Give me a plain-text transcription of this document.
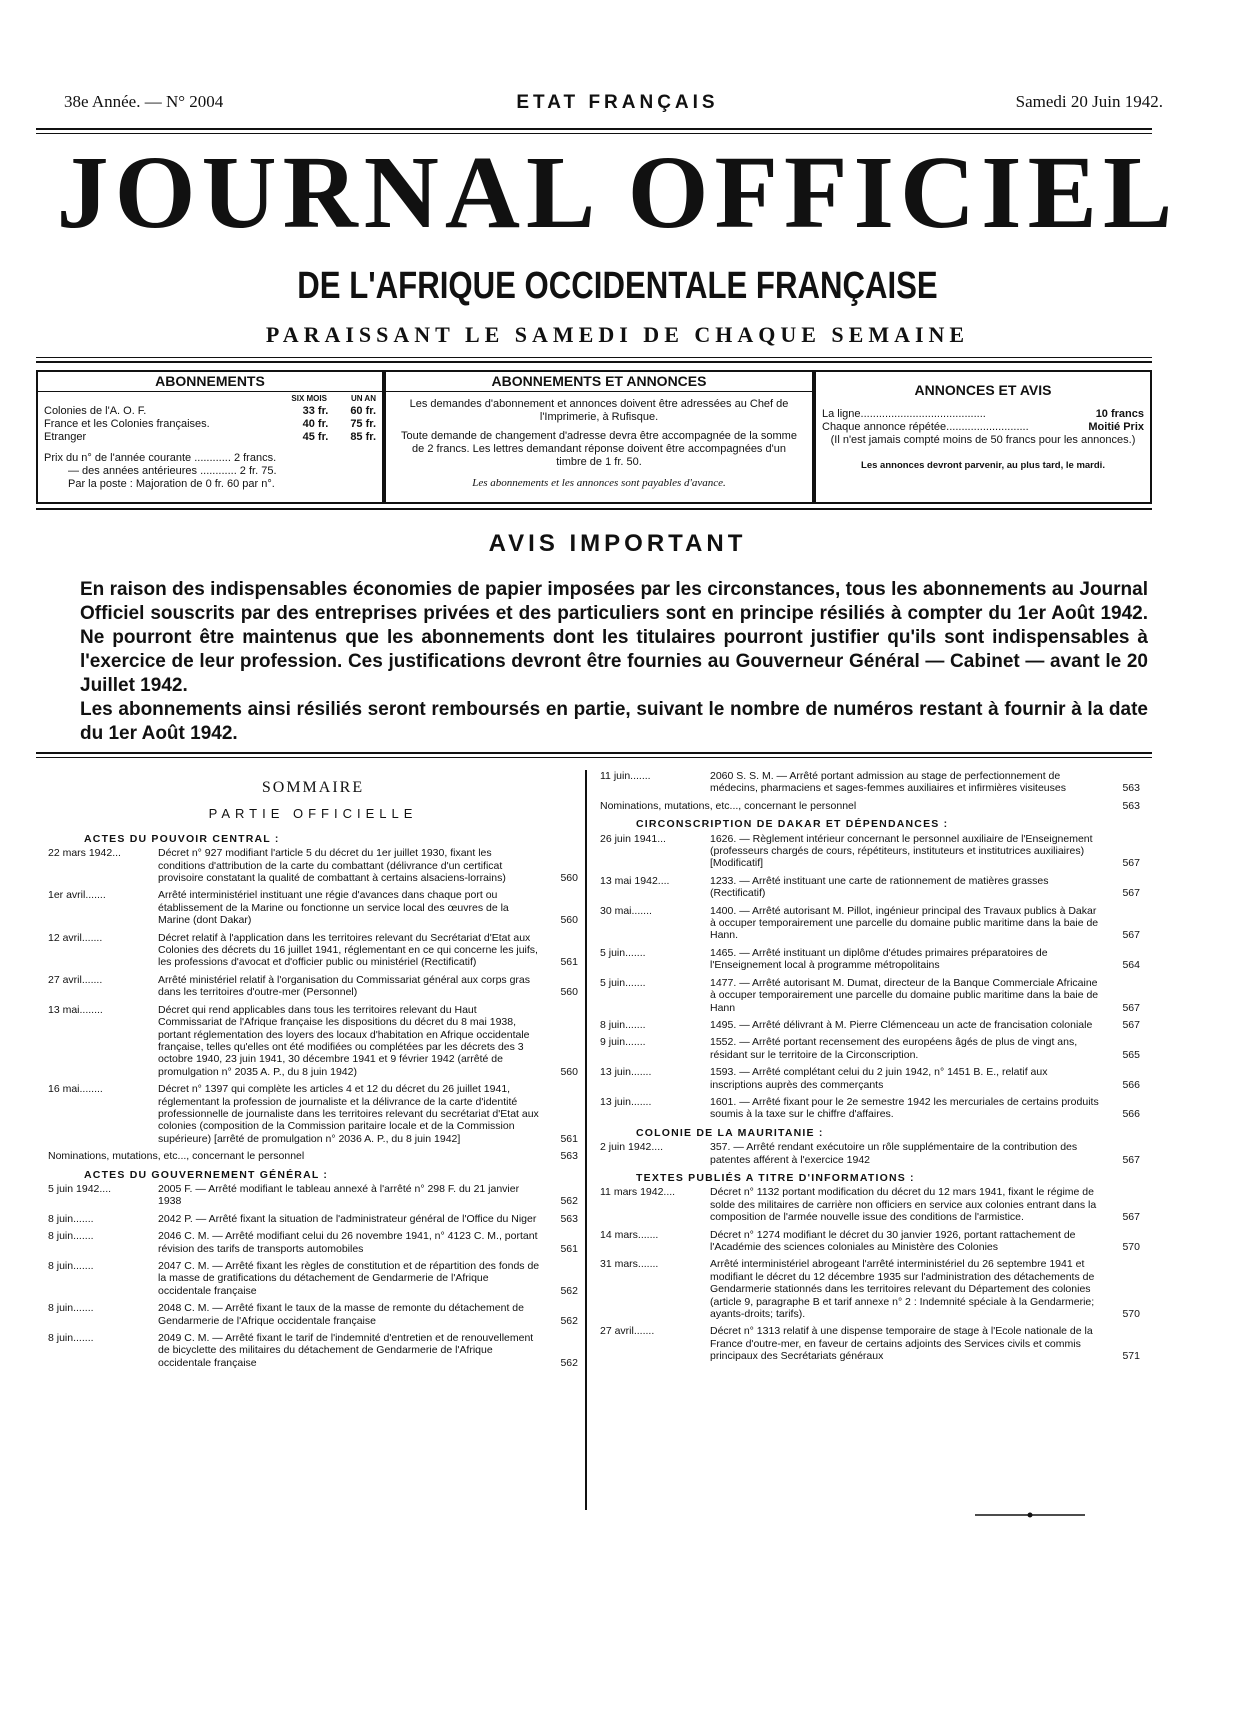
38e Année. — N° 2004	ETAT FRANÇAIS	Samedi 20 Juin 1942.
JOURNAL OFFICIEL
DE L'AFRIQUE OCCIDENTALE FRANÇAISE
PARAISSANT LE SAMEDI DE CHAQUE SEMAINE
ABONNEMENTS
SIX MOIS	UN AN
Colonies de l'A. O. F.	33 fr. 60 fr.
France et les Colonies françaises.	40 fr. 75 fr.
Etranger	45 fr. 85 fr.
Prix du n° de l'année courante ............ 2 francs.
— des années antérieures ............ 2 fr. 75.
Par la poste : Majoration de 0 fr. 60 par n°.
ABONNEMENTS ET ANNONCES
Les demandes d'abonnement et annonces doivent être adressées au Chef de l'Imprimerie, à Rufisque.
Toute demande de changement d'adresse devra être accompagnée de la somme de 2 francs. Les lettres demandant réponse doivent être accompagnées d'un timbre de 1 fr. 50.
Les abonnements et les annonces sont payables d'avance.
ANNONCES ET AVIS
La ligne.........................................	10 francs
Chaque annonce répétée...........................	Moitié Prix
(Il n'est jamais compté moins de 50 francs pour les annonces.)
Les annonces devront parvenir, au plus tard, le mardi.
AVIS IMPORTANT

En raison des indispensables économies de papier imposées par les circonstances, tous les abonnements au Journal Officiel souscrits par des entreprises privées et des particuliers sont en principe résiliés à compter du 1er Août 1942. Ne pourront être maintenus que les abonnements dont les titulaires pourront justifier qu'ils sont indispensables à l'exercice de leur profession. Ces justifications devront être fournies au Gouverneur Général — Cabinet — avant le 20 Juillet 1942.

Les abonnements ainsi résiliés seront remboursés en partie, suivant le nombre de numéros restant à fournir à la date du 1er Août 1942.

SOMMAIRE
PARTIE OFFICIELLE
ACTES DU POUVOIR CENTRAL :
22 mars 1942...	Décret n° 927 modifiant l'article 5 du décret du 1er juillet 1930, fixant les conditions d'attribution de la carte du combattant (délivrance d'un certificat provisoire constatant la qualité de combattant à certains alsaciens-lorrains)	560
1er avril.......	Arrêté interministériel instituant une régie d'avances dans chaque port ou établissement de la Marine ou fonctionne un service local des œuvres de la Marine (dont Dakar)	560
12 avril.......	Décret relatif à l'application dans les territoires relevant du Secrétariat d'Etat aux Colonies des décrets du 16 juillet 1941, réglementant en ce qui concerne les juifs, les professions d'avocat et d'officier public ou ministériel (Rectificatif)	561
27 avril.......	Arrêté ministériel relatif à l'organisation du Commissariat général aux corps gras dans les territoires d'outre-mer (Personnel)	560
13 mai........	Décret qui rend applicables dans tous les territoires relevant du Haut Commissariat de l'Afrique française les dispositions du décret du 8 mai 1938, portant réglementation des loyers des locaux d'habitation en Afrique occidentale française, telles qu'elles ont été modifiées ou complétées par les décrets des 3 octobre 1940, 23 juin 1941, 30 décembre 1941 et 9 février 1942 (arrêté de promulgation n° 2035 A. P., du 8 juin 1942)	560
16 mai........	Décret n° 1397 qui complète les articles 4 et 12 du décret du 26 juillet 1941, réglementant la profession de journaliste et la délivrance de la carte d'identité professionnelle de journaliste dans les territoires relevant du secrétariat d'Etat aux colonies (composition de la Commission paritaire locale et de la Commission supérieure) [arrêté de promulgation n° 2036 A. P., du 8 juin 1942]	561
Nominations, mutations, etc..., concernant le personnel	563
ACTES DU GOUVERNEMENT GÉNÉRAL :
5 juin 1942....	2005 F. — Arrêté modifiant le tableau annexé à l'arrêté n° 298 F. du 21 janvier 1938	562
8 juin.......	2042 P. — Arrêté fixant la situation de l'administrateur général de l'Office du Niger	563
8 juin.......	2046 C. M. — Arrêté modifiant celui du 26 novembre 1941, n° 4123 C. M., portant révision des tarifs de transports automobiles	561
8 juin.......	2047 C. M. — Arrêté fixant les règles de constitution et de répartition des fonds de la masse de gratifications du détachement de Gendarmerie de l'Afrique occidentale française	562
8 juin.......	2048 C. M. — Arrêté fixant le taux de la masse de remonte du détachement de Gendarmerie de l'Afrique occidentale française	562
8 juin.......	2049 C. M. — Arrêté fixant le tarif de l'indemnité d'entretien et de renouvellement de bicyclette des militaires du détachement de Gendarmerie de l'Afrique occidentale française	562
11 juin.......	2060 S. S. M. — Arrêté portant admission au stage de perfectionnement de médecins, pharmaciens et sages-femmes auxiliaires et infirmières visiteuses	563
Nominations, mutations, etc..., concernant le personnel	563
CIRCONSCRIPTION DE DAKAR ET DÉPENDANCES :
26 juin 1941...	1626. — Règlement intérieur concernant le personnel auxiliaire de l'Enseignement (professeurs chargés de cours, répétiteurs, instituteurs et institutrices auxiliaires) [Modificatif]	567
13 mai 1942....	1233. — Arrêté instituant une carte de rationnement de matières grasses (Rectificatif)	567
30 mai.......	1400. — Arrêté autorisant M. Pillot, ingénieur principal des Travaux publics à Dakar à occuper temporairement une parcelle du domaine public maritime dans la baie de Hann.	567
5 juin.......	1465. — Arrêté instituant un diplôme d'études primaires préparatoires de l'Enseignement local à programme métropolitains	564
5 juin.......	1477. — Arrêté autorisant M. Dumat, directeur de la Banque Commerciale Africaine à occuper temporairement une parcelle du domaine public maritime dans la baie de Hann	567
8 juin.......	1495. — Arrêté délivrant à M. Pierre Clémenceau un acte de francisation coloniale	567
9 juin.......	1552. — Arrêté portant recensement des européens âgés de plus de vingt ans, résidant sur le territoire de la Circonscription.	565
13 juin.......	1593. — Arrêté complétant celui du 2 juin 1942, n° 1451 B. E., relatif aux inscriptions auprès des commerçants	566
13 juin.......	1601. — Arrêté fixant pour le 2e semestre 1942 les mercuriales de certains produits soumis à la taxe sur le chiffre d'affaires.	566
COLONIE DE LA MAURITANIE :
2 juin 1942....	357. — Arrêté rendant exécutoire un rôle supplémentaire de la contribution des patentes afférent à l'exercice 1942	567
TEXTES PUBLIÉS A TITRE D'INFORMATIONS :
11 mars 1942....	Décret n° 1132 portant modification du décret du 12 mars 1941, fixant le régime de solde des militaires de carrière non officiers en service aux colonies entrant dans la composition de l'armée nouvelle issue des conditions de l'armistice.	567
14 mars.......	Décret n° 1274 modifiant le décret du 30 janvier 1926, portant rattachement de l'Académie des sciences coloniales au Ministère des Colonies	570
31 mars.......	Arrêté interministériel abrogeant l'arrêté interministériel du 26 septembre 1941 et modifiant le décret du 12 décembre 1935 sur l'administration des détachements de Gendarmerie stationnés dans les territoires relevant du Département des colonies (article 9, paragraphe B et tarif annexe n° 2 : Indemnité spéciale à la Gendarmerie; ayants-droits; tarifs).	570
27 avril.......	Décret n° 1313 relatif à une dispense temporaire de stage à l'Ecole nationale de la France d'outre-mer, en faveur de certains adjoints des Services civils et commis principaux des Secrétariats généraux	571
